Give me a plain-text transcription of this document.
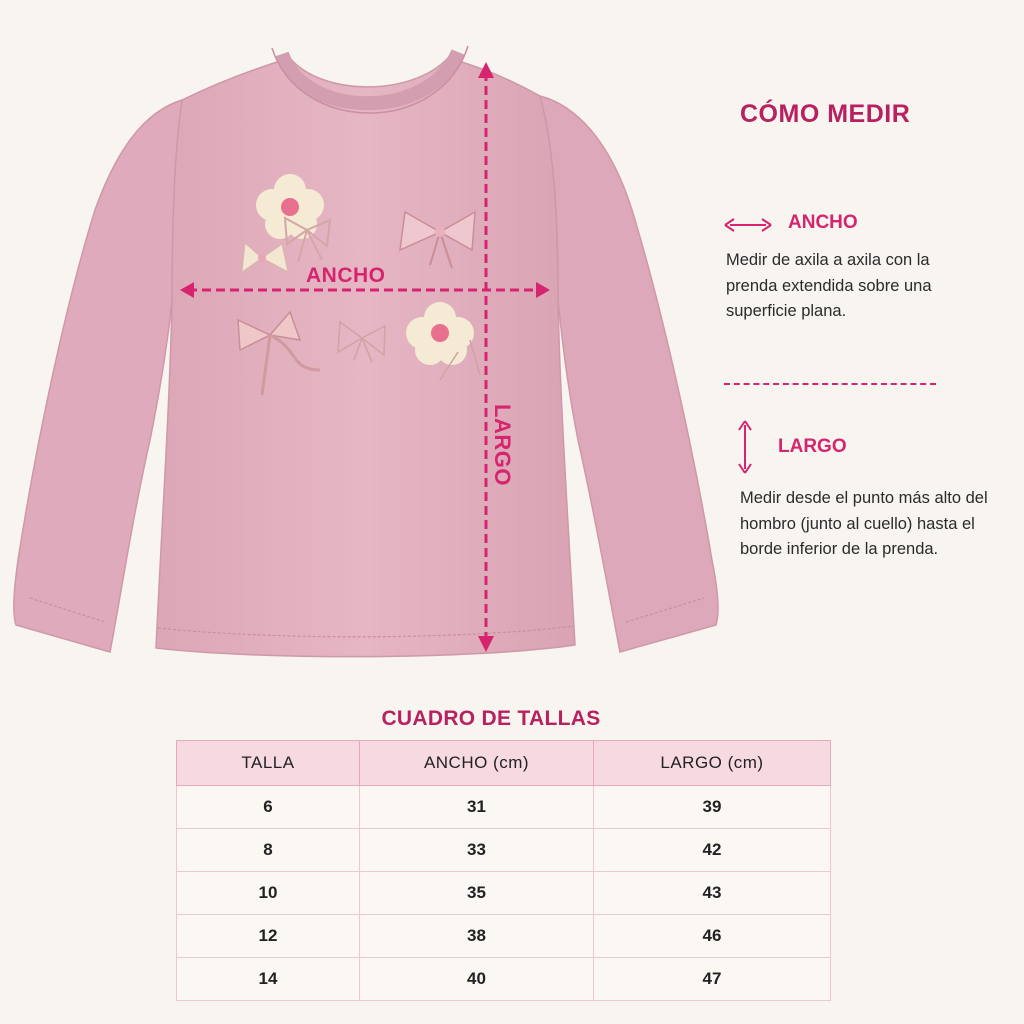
ANCHO
LARGO
CÓMO MEDIR
ANCHO
Medir de axila a axila con la prenda extendida sobre una superficie plana.
LARGO
Medir desde el punto más alto del hombro (junto al cuello) hasta el borde inferior de la prenda.
CUADRO DE TALLAS
TALLA	ANCHO (cm)	LARGO (cm)
6	31	39
8	33	42
10	35	43
12	38	46
14	40	47
